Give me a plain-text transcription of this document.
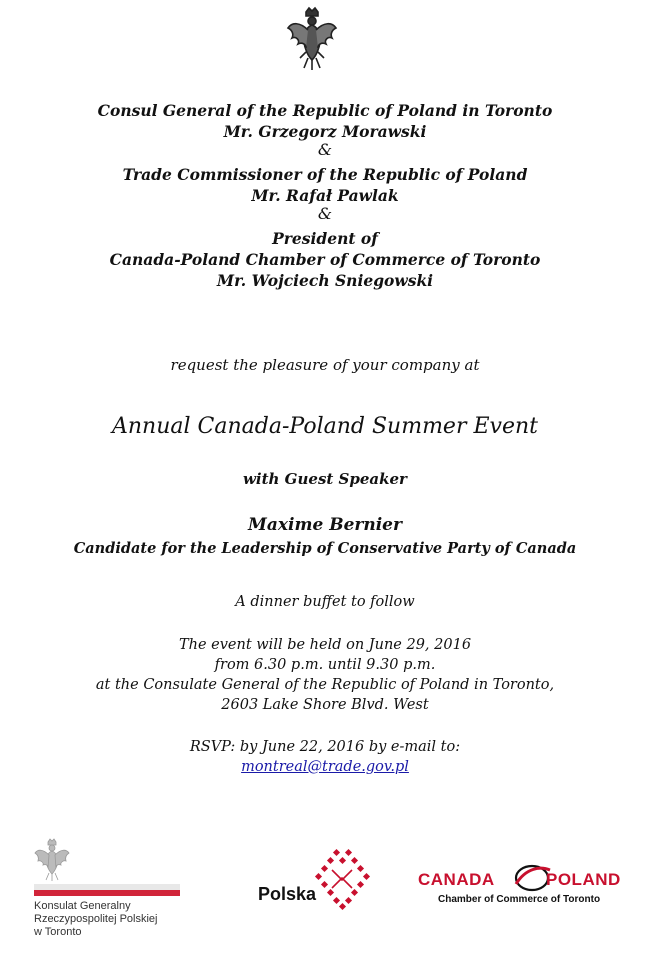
Consul General of the Republic of Poland in Toronto
Mr. Grzegorz Morawski
&
Trade Commissioner of the Republic of Poland
Mr. Rafał Pawlak
&
President of
Canada-Poland Chamber of Commerce of Toronto
Mr. Wojciech Sniegowski
request the pleasure of your company at
Annual Canada-Poland Summer Event
with Guest Speaker
Maxime Bernier
Candidate for the Leadership of Conservative Party of Canada
A dinner buffet to follow
The event will be held on June 29, 2016
from 6.30 p.m. until 9.30 p.m.
at the Consulate General of the Republic of Poland in Toronto,
2603 Lake Shore Blvd. West
RSVP: by June 22, 2016 by e-mail to:
montreal@trade.gov.pl
Konsulat Generalny
Rzeczypospolitej Polskiej
w Toronto
Polska
CANADA	POLAND
Chamber of Commerce of Toronto
